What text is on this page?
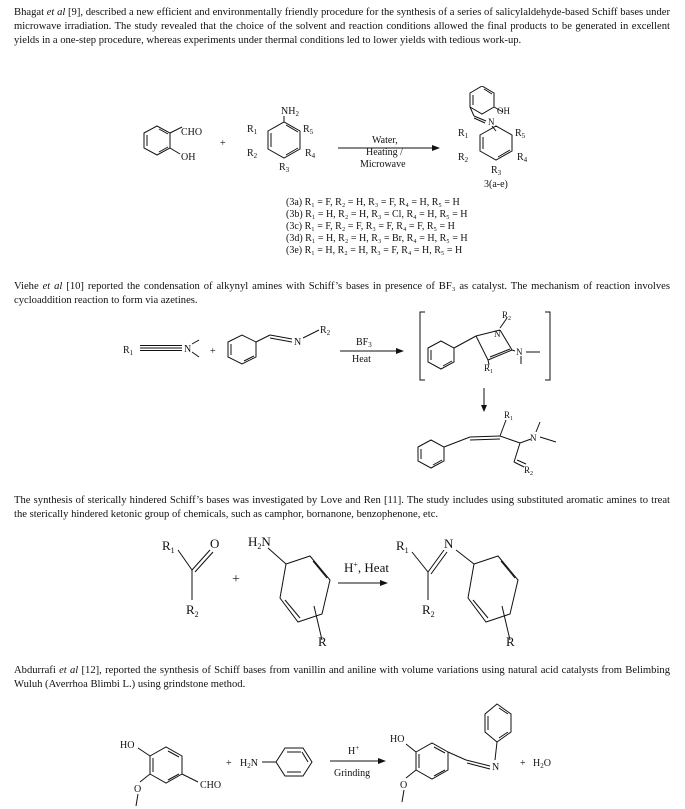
Bhagat et al [9], described a new efficient and environmentally friendly procedure for the synthesis of a series of salicylaldehyde-based Schiff bases under microwave irradiation. The study revealed that the choice of the solvent and reaction conditions allowed the final products to be generated in excellent yields in a one-step procedure, whereas experiments under thermal conditions led to lower yields with tedious work-up.
CHO
OH
+
$NH_2$
$R_1$	$R_5$
$R_2$	$R_4$
$R_3$
Water,
Heating /
Microwave
OH
N
$R_1$	$R_5$
$R_2$	$R_4$
$R_3$
3(a-e)
(3a) R₁ = F, R₂ = H, R₃ = F, R₄ = H, R₅ = H
(3b) R₁ = H, R₂ = H, R₃ = Cl, R₄ = H, R₅ = H
(3c) R₁ = F, R₂ = F, R₃ = F, R₄ = F, R₅ = H
(3d) R₁ = H, R₂ = H, R₃ = Br, R₄ = H, R₅ = H
(3e) R₁ = H, R₂ = H, R₃ = F, R₄ = H, R₅ = H
Viehe et al [10] reported the condensation of alkynyl amines with Schiff’s bases in presence of BF₃ as catalyst. The mechanism of reaction involves cycloaddition reaction to form via azetines.
$R_1$	N +
N
$R_2$
$BF_3$
Heat
N
$R_2$
N
$R_1$
$R_1$
N
$R_2$
The synthesis of sterically hindered Schiff’s bases was investigated by Love and Ren [11]. The study includes using substituted aromatic amines to treat the sterically hindered ketonic group of chemicals, such as camphor, bornanone, benzophenone, etc.
$R_1$	O
$R_2$
+
$H_2N$
R
H+, Heat
$R_1$	N
$R_2$
R
Abdurrafi et al [12], reported the synthesis of Schiff bases from vanillin and aniline with volume variations using natural acid catalysts from Belimbing Wuluh (Averrhoa Blimbi L.) using grindstone method.
HO
O	CHO
+ $H_2N$
H+
Grinding
HO
O
$N + H_2O$
